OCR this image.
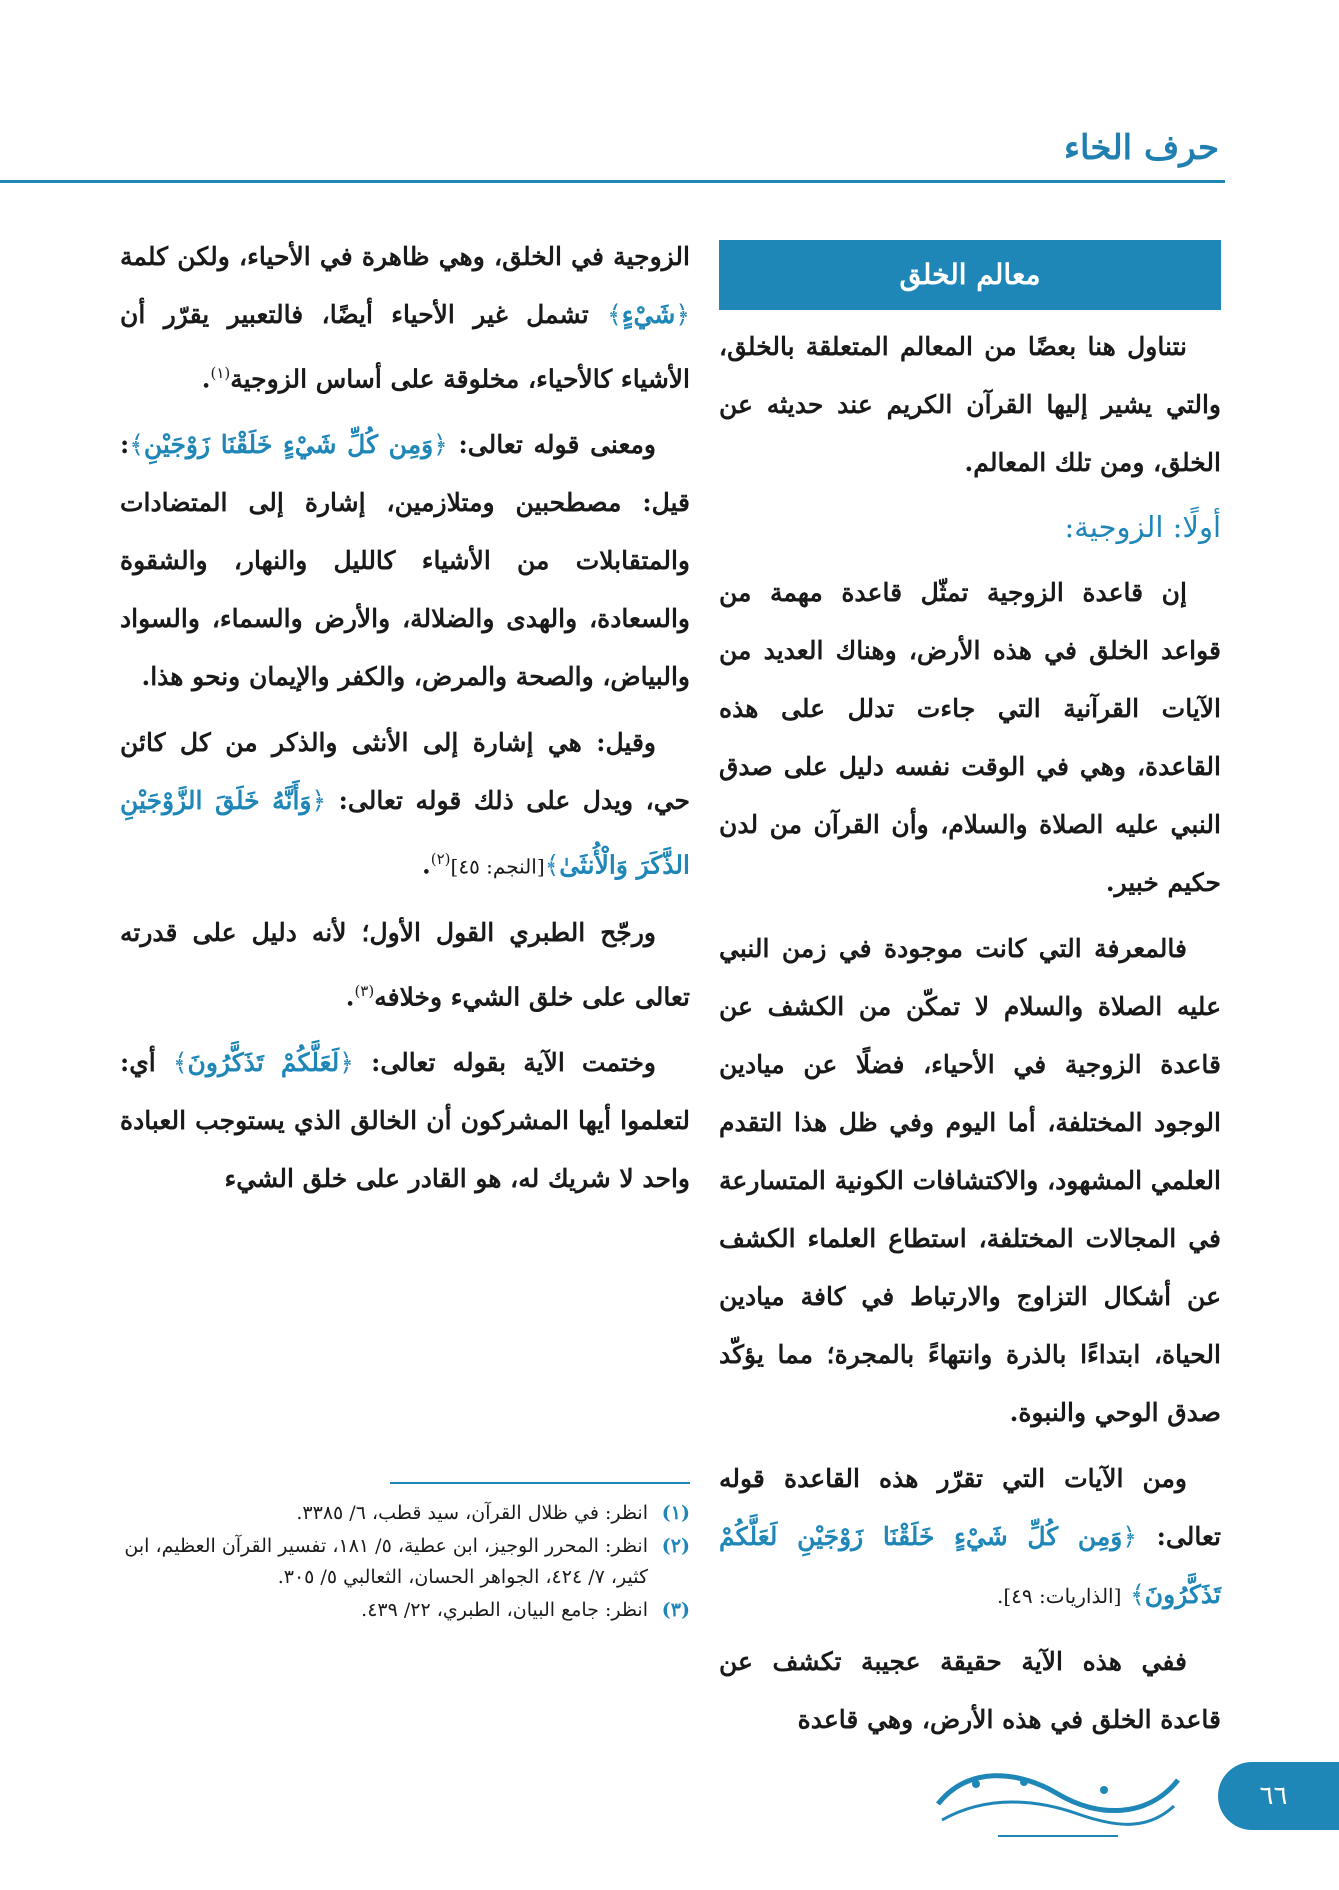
حرف الخاء
معالم الخلق

نتناول هنا بعضًا من المعالم المتعلقة بالخلق، والتي يشير إليها القرآن الكريم عند حديثه عن الخلق، ومن تلك المعالم.

أولًا: الزوجية:

إن قاعدة الزوجية تمثّل قاعدة مهمة من قواعد الخلق في هذه الأرض، وهناك العديد من الآيات القرآنية التي جاءت تدلل على هذه القاعدة، وهي في الوقت نفسه دليل على صدق النبي عليه الصلاة والسلام، وأن القرآن من لدن حكيم خبير.

فالمعرفة التي كانت موجودة في زمن النبي عليه الصلاة والسلام لا تمكّن من الكشف عن قاعدة الزوجية في الأحياء، فضلًا عن ميادين الوجود المختلفة، أما اليوم وفي ظل هذا التقدم العلمي المشهود، والاكتشافات الكونية المتسارعة في المجالات المختلفة، استطاع العلماء الكشف عن أشكال التزاوج والارتباط في كافة ميادين الحياة، ابتداءًا بالذرة وانتهاءً بالمجرة؛ مما يؤكّد صدق الوحي والنبوة.

ومن الآيات التي تقرّر هذه القاعدة قوله تعالى: ﴿وَمِن كُلِّ شَيْءٍ خَلَقْنَا زَوْجَيْنِ لَعَلَّكُمْ تَذَكَّرُونَ﴾ [الذاريات: ٤٩].

ففي هذه الآية حقيقة عجيبة تكشف عن قاعدة الخلق في هذه الأرض، وهي قاعدة

الزوجية في الخلق، وهي ظاهرة في الأحياء، ولكن كلمة ﴿شَيْءٍ﴾ تشمل غير الأحياء أيضًا، فالتعبير يقرّر أن الأشياء كالأحياء، مخلوقة على أساس الزوجية$^{(١)}$.

ومعنى قوله تعالى: ﴿وَمِن كُلِّ شَيْءٍ خَلَقْنَا زَوْجَيْنِ﴾: قيل: مصطحبين ومتلازمين، إشارة إلى المتضادات والمتقابلات من الأشياء كالليل والنهار، والشقوة والسعادة، والهدى والضلالة، والأرض والسماء، والسواد والبياض، والصحة والمرض، والكفر والإيمان ونحو هذا.

وقيل: هي إشارة إلى الأنثى والذكر من كل كائن حي، ويدل على ذلك قوله تعالى: ﴿وَأَنَّهُ خَلَقَ الزَّوْجَيْنِ الذَّكَرَ وَالْأُنثَىٰ﴾[النجم: ٤٥]$^{(٢)}$.

ورجّح الطبري القول الأول؛ لأنه دليل على قدرته تعالى على خلق الشيء وخلافه$^{(٣)}$.

وختمت الآية بقوله تعالى: ﴿لَعَلَّكُمْ تَذَكَّرُونَ﴾ أي: لتعلموا أيها المشركون أن الخالق الذي يستوجب العبادة واحد لا شريك له، هو القادر على خلق الشيء

(١)
انظر: في ظلال القرآن، سيد قطب، ٦/ ٣٣٨٥.
(٢)
انظر: المحرر الوجيز، ابن عطية، ٥/ ١٨١، تفسير القرآن العظيم، ابن كثير، ٧/ ٤٢٤، الجواهر الحسان، الثعالبي ٥/ ٣٠٥.
(٣)
انظر: جامع البيان، الطبري، ٢٢/ ٤٣٩.
٦٦
